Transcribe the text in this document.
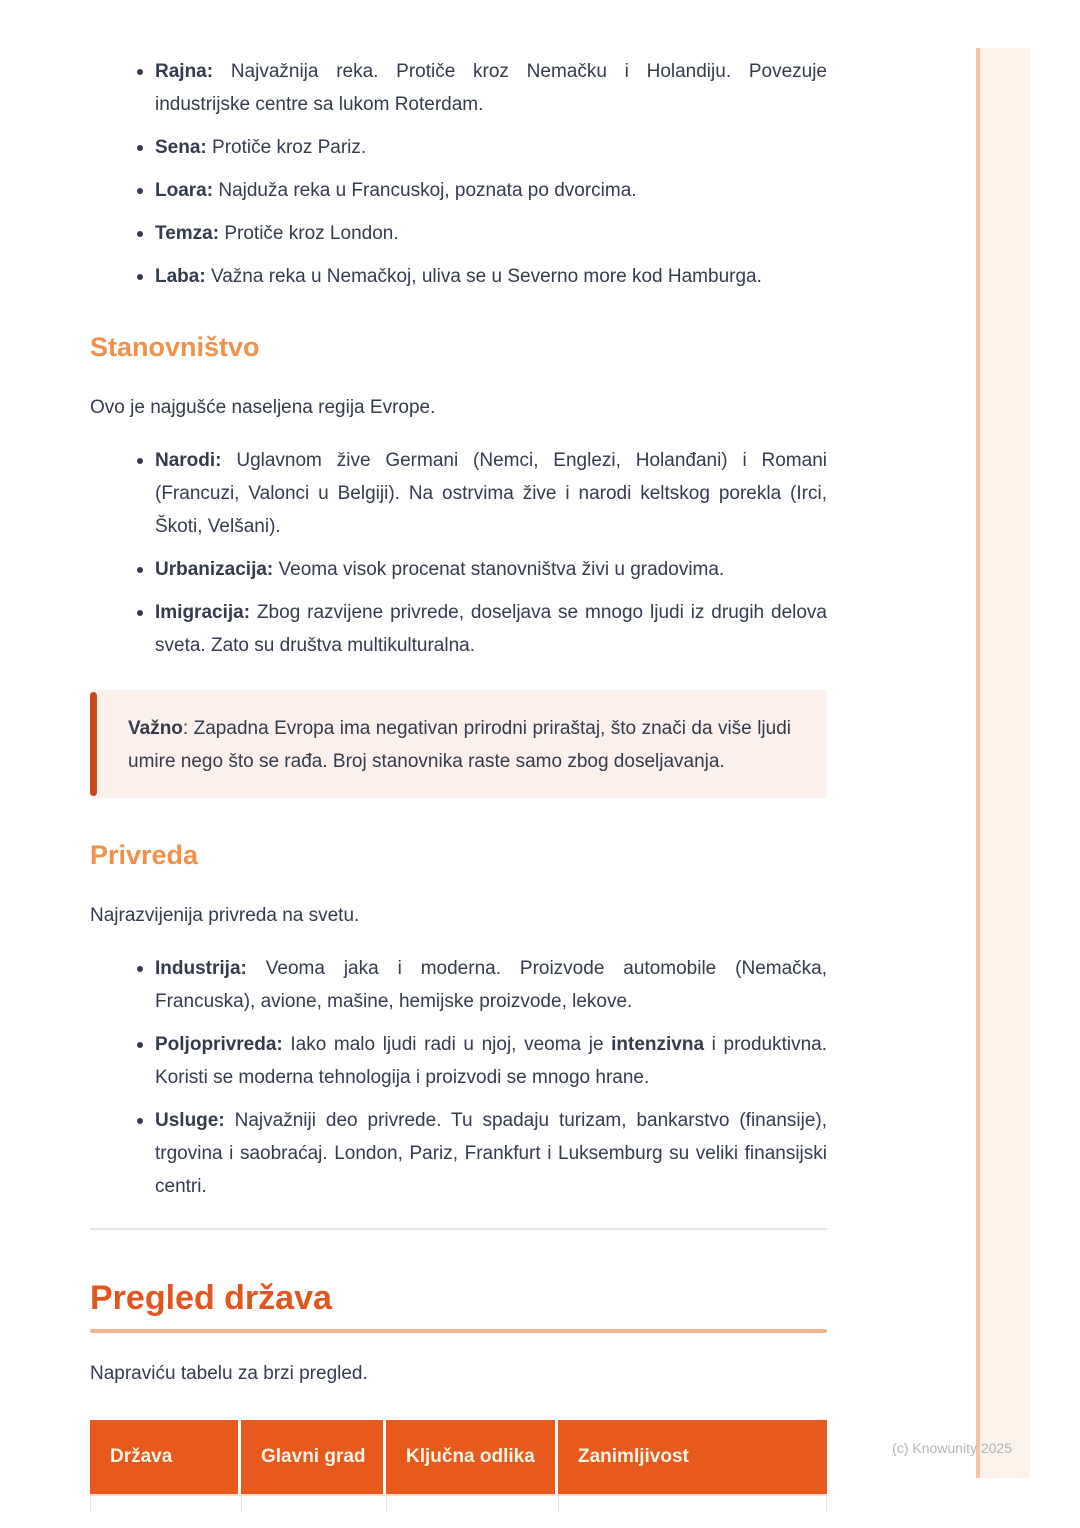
Rajna: Najvažnija reka. Protiče kroz Nemačku i Holandiju. Povezuje industrijske centre sa lukom Roterdam.
Sena: Protiče kroz Pariz.
Loara: Najduža reka u Francuskoj, poznata po dvorcima.
Temza: Protiče kroz London.
Laba: Važna reka u Nemačkoj, uliva se u Severno more kod Hamburga.
Stanovništvo

Ovo je najgušće naseljena regija Evrope.

Narodi: Uglavnom žive Germani (Nemci, Englezi, Holanđani) i Romani (Francuzi, Valonci u Belgiji). Na ostrvima žive i narodi keltskog porekla (Irci, Škoti, Velšani).
Urbanizacija: Veoma visok procenat stanovništva živi u gradovima.
Imigracija: Zbog razvijene privrede, doseljava se mnogo ljudi iz drugih delova sveta. Zato su društva multikulturalna.

Važno: Zapadna Evropa ima negativan prirodni priraštaj, što znači da više ljudi umire nego što se rađa. Broj stanovnika raste samo zbog doseljavanja.

Privreda

Najrazvijenija privreda na svetu.

Industrija: Veoma jaka i moderna. Proizvode automobile (Nemačka, Francuska), avione, mašine, hemijske proizvode, lekove.
Poljoprivreda: Iako malo ljudi radi u njoj, veoma je intenzivna i produktivna. Koristi se moderna tehnologija i proizvodi se mnogo hrane.
Usluge: Najvažniji deo privrede. Tu spadaju turizam, bankarstvo (finansije), trgovina i saobraćaj. London, Pariz, Frankfurt i Luksemburg su veliki finansijski centri.
Pregled država

Napraviću tabelu za brzi pregled.

Država	Glavni grad	Ključna odlika	Zanimljivost	(c) Knowunity 2025
